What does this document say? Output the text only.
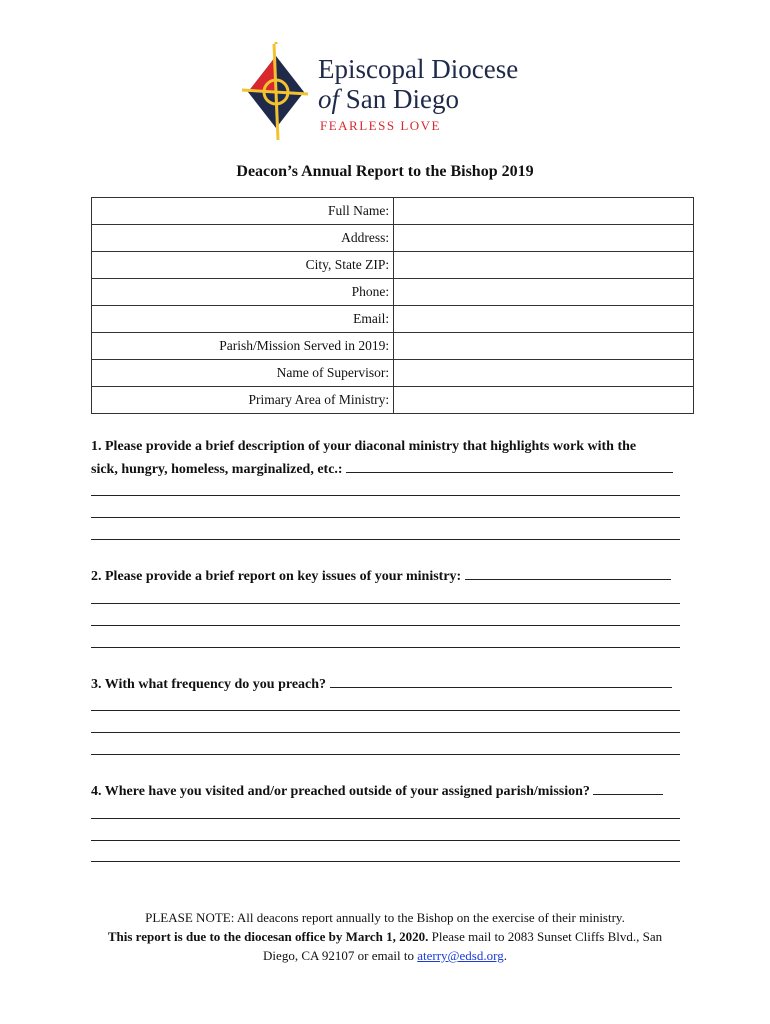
Episcopal Diocese
of San Diego
FEARLESS LOVE
Deacon’s Annual Report to the Bishop 2019
Full Name:	
Address:	
City, State ZIP:	
Phone:	
Email:	
Parish/Mission Served in 2019:	
Name of Supervisor:	
Primary Area of Ministry:	
1. Please provide a brief description of your diaconal ministry that highlights work with the
sick, hungry, homeless, marginalized, etc.:
2. Please provide a brief report on key issues of your ministry:
3. With what frequency do you preach?
4. Where have you visited and/or preached outside of your assigned parish/mission?
PLEASE NOTE: All deacons report annually to the Bishop on the exercise of their ministry.
This report is due to the diocesan office by March 1, 2020. Please mail to 2083 Sunset Cliffs Blvd., San
Diego, CA 92107 or email to aterry@edsd.org.
